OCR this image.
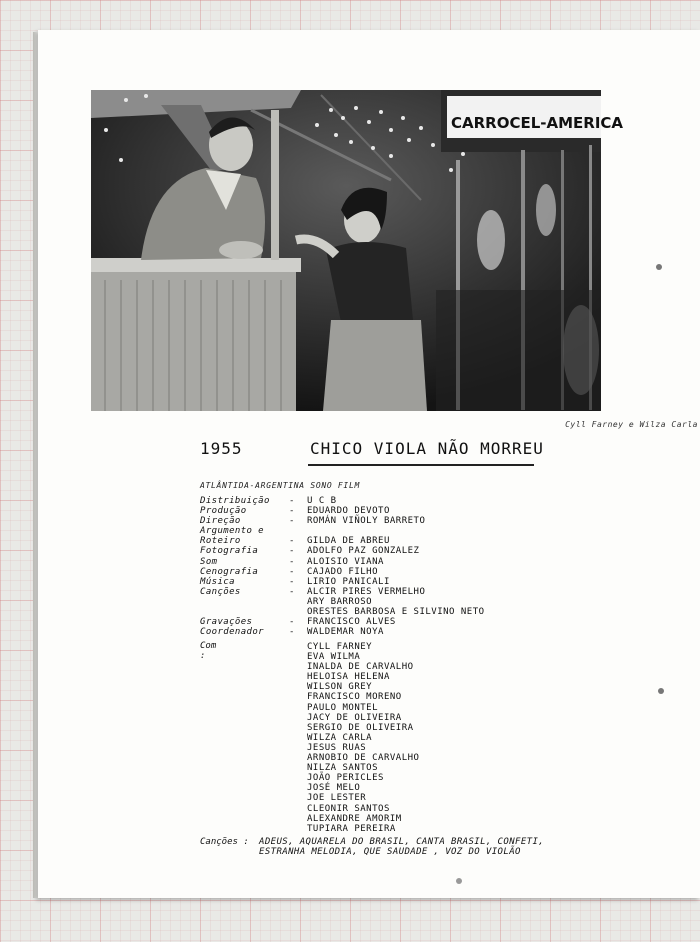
CARROCEL-AMERICA
Cyll Farney e Wilza Carla
1955	CHICO VIOLA NÃO MORREU
ATLÂNTIDA-ARGENTINA SONO FILM
Distribuição - U C B
Produção	- EDUARDO DEVOTO
Direção	- ROMÁN VIÑOLY BARRETO
Argumento e
Roteiro	- GILDA DE ABREU
Fotografia	- ADOLFO PAZ GONZALEZ
Som	- ALOISIO VIANA
Cenografia	- CAJADO FILHO
Música	- LIRIO PANICALI
Canções	- ALCIR PIRES VERMELHO
ARY BARROSO
ORESTES BARBOSA E SILVINO NETO
Gravações	- FRANCISCO ALVES
Coordenador	- WALDEMAR NOYA
Com :
CYLL FARNEY
EVA WILMA
INALDA DE CARVALHO
HELOISA HELENA
WILSON GREY
FRANCISCO MORENO
PAULO MONTEL
JACY DE OLIVEIRA
SERGIO DE OLIVEIRA
WILZA CARLA
JESUS RUAS
ARNOBIO DE CARVALHO
NILZA SANTOS
JOÃO PERICLES
JOSÉ MELO
JOE LESTER
CLEONIR SANTOS
ALEXANDRE AMORIM
TUPIARA PEREIRA
Canções : ADEUS, AQUARELA DO BRASIL, CANTA BRASIL, CONFETI, ESTRANHA MELODIA, QUE SAUDADE , VOZ DO VIOLÃO
